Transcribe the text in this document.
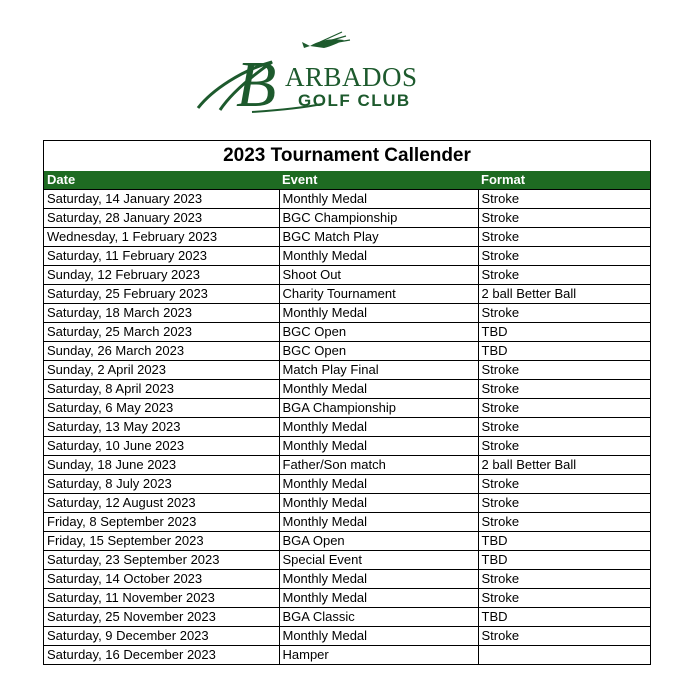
B ARBADOS
GOLF CLUB
2023 Tournament Callender
Date	Event	Format
Saturday, 14 January 2023	Monthly Medal	Stroke
Saturday, 28 January 2023	BGC Championship	Stroke
Wednesday, 1 February 2023	BGC Match Play	Stroke
Saturday, 11 February 2023	Monthly Medal	Stroke
Sunday, 12 February 2023	Shoot Out	Stroke
Saturday, 25 February 2023	Charity Tournament	2 ball Better Ball
Saturday, 18 March 2023	Monthly Medal	Stroke
Saturday, 25 March 2023	BGC Open	TBD
Sunday, 26 March 2023	BGC Open	TBD
Sunday, 2 April 2023	Match Play Final	Stroke
Saturday, 8 April 2023	Monthly Medal	Stroke
Saturday, 6 May 2023	BGA Championship	Stroke
Saturday, 13 May 2023	Monthly Medal	Stroke
Saturday, 10 June 2023	Monthly Medal	Stroke
Sunday, 18 June 2023	Father/Son match	2 ball Better Ball
Saturday, 8 July 2023	Monthly Medal	Stroke
Saturday, 12 August 2023	Monthly Medal	Stroke
Friday, 8 September 2023	Monthly Medal	Stroke
Friday, 15 September 2023	BGA Open	TBD
Saturday, 23 September 2023	Special Event	TBD
Saturday, 14 October 2023	Monthly Medal	Stroke
Saturday, 11 November 2023	Monthly Medal	Stroke
Saturday, 25 November 2023	BGA Classic	TBD
Saturday, 9 December 2023	Monthly Medal	Stroke
Saturday, 16 December 2023	Hamper	
